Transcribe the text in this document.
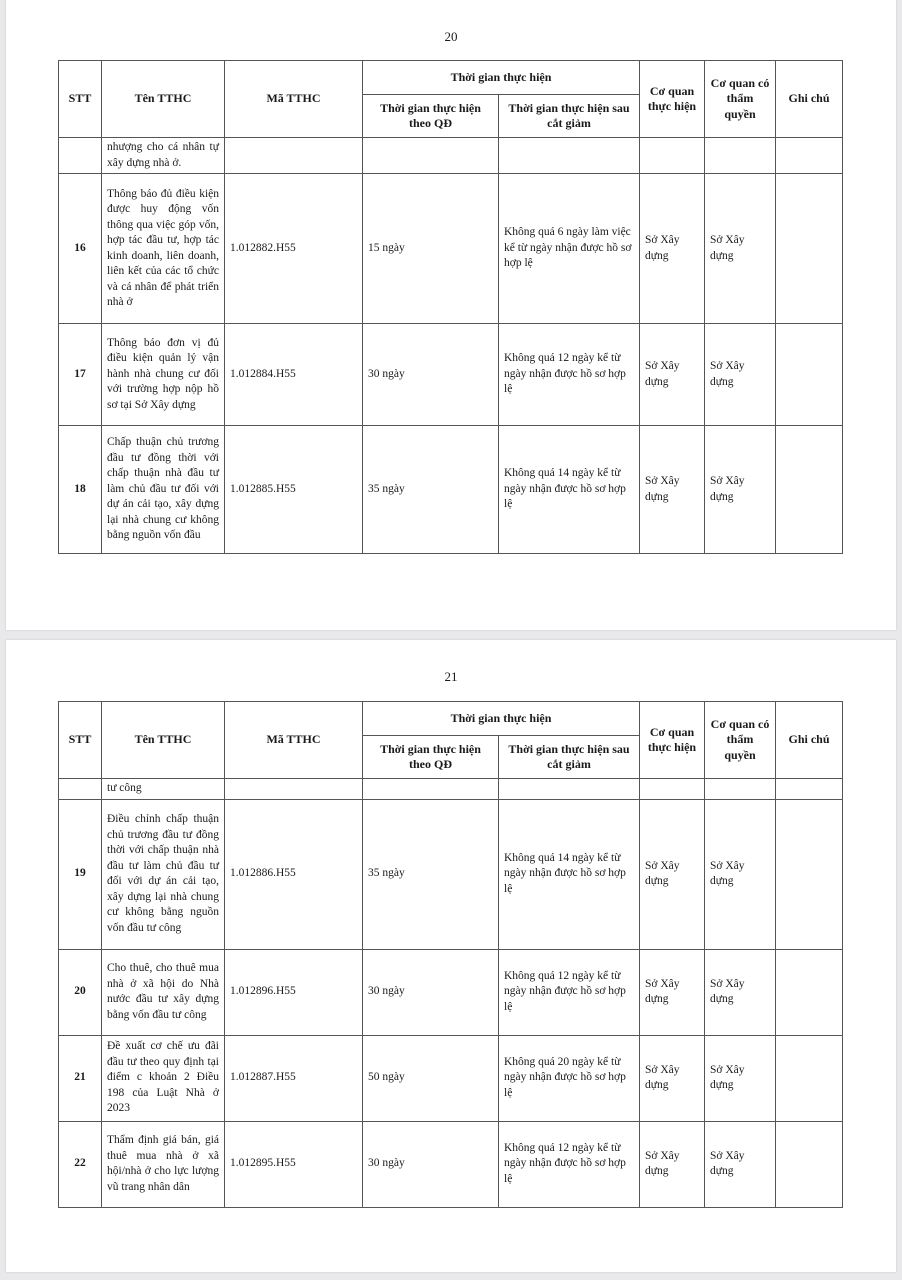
20
STT	Tên TTHC	Mã TTHC	Thời gian thực hiện		Cơ quan thực hiện	Cơ quan có thẩm quyền	Ghi chú
			Thời gian thực hiện theo QĐ	Thời gian thực hiện sau cắt giảm			
	nhượng cho cá nhân tự xây dựng nhà ở.						
16	Thông báo đủ điều kiện được huy động vốn thông qua việc góp vốn, hợp tác đầu tư, hợp tác kinh doanh, liên doanh, liên kết của các tổ chức và cá nhân để phát triển nhà ở	1.012882.H55	15 ngày	Không quá 6 ngày làm việc kể từ ngày nhận được hồ sơ hợp lệ	Sở Xây dựng	Sở Xây dựng	
17	Thông báo đơn vị đủ điều kiện quản lý vận hành nhà chung cư đối với trường hợp nộp hồ sơ tại Sở Xây dựng	1.012884.H55	30 ngày	Không quá 12 ngày kể từ ngày nhận được hồ sơ hợp lệ	Sở Xây dựng	Sở Xây dựng	
18	Chấp thuận chủ trương đầu tư đồng thời với chấp thuận nhà đầu tư làm chủ đầu tư đối với dự án cải tạo, xây dựng lại nhà chung cư không bằng nguồn vốn đầu	1.012885.H55	35 ngày	Không quá 14 ngày kể từ ngày nhận được hồ sơ hợp lệ	Sở Xây dựng	Sở Xây dựng	
21
STT	Tên TTHC	Mã TTHC	Thời gian thực hiện		Cơ quan thực hiện	Cơ quan có thẩm quyền	Ghi chú
			Thời gian thực hiện theo QĐ	Thời gian thực hiện sau cắt giảm			
	tư công						
19	Điều chỉnh chấp thuận chủ trương đầu tư đồng thời với chấp thuận nhà đầu tư làm chủ đầu tư đối với dự án cải tạo, xây dựng lại nhà chung cư không bằng nguồn vốn đầu tư công	1.012886.H55	35 ngày	Không quá 14 ngày kể từ ngày nhận được hồ sơ hợp lệ	Sở Xây dựng	Sở Xây dựng	
20	Cho thuê, cho thuê mua nhà ở xã hội do Nhà nước đầu tư xây dựng bằng vốn đầu tư công	1.012896.H55	30 ngày	Không quá 12 ngày kể từ ngày nhận được hồ sơ hợp lệ	Sở Xây dựng	Sở Xây dựng	
21	Đề xuất cơ chế ưu đãi đầu tư theo quy định tại điểm c khoản 2 Điều 198 của Luật Nhà ở 2023	1.012887.H55	50 ngày	Không quá 20 ngày kể từ ngày nhận được hồ sơ hợp lệ	Sở Xây dựng	Sở Xây dựng	
22	Thẩm định giá bán, giá thuê mua nhà ở xã hội/nhà ở cho lực lượng vũ trang nhân dân	1.012895.H55	30 ngày	Không quá 12 ngày kể từ ngày nhận được hồ sơ hợp lệ	Sở Xây dựng	Sở Xây dựng	
